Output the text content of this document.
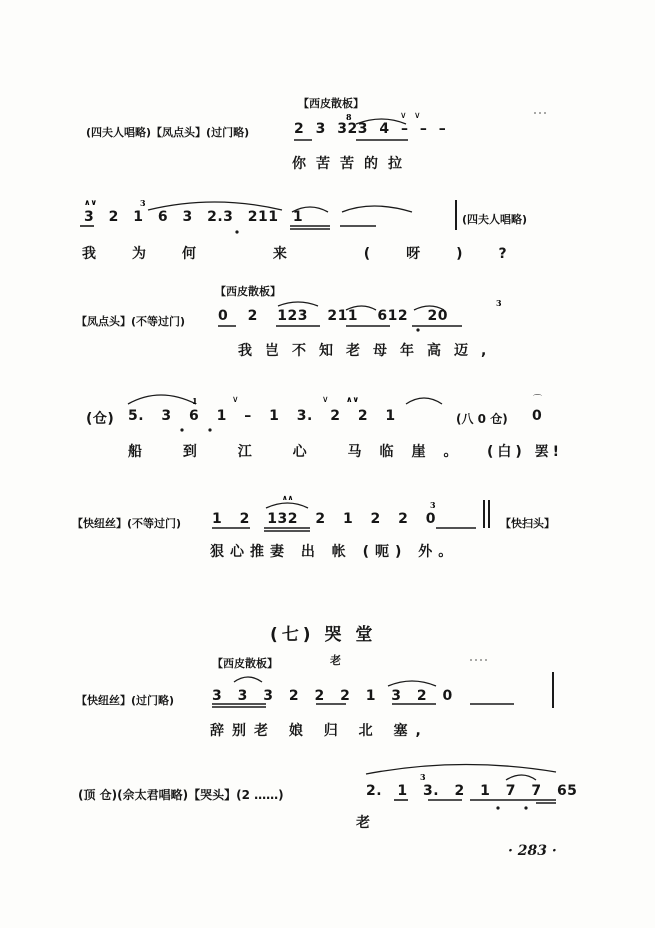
【西皮散板】
(四夫人唱略)【凤点头】(过门略)	2 3 323 4 – – –
你苦苦的拉
3 2 1 6 3 2.3 211 1	(四夫人唱略)
我为何 来 (呀)?
【西皮散板】
【凤点头】(不等过门) 0 2 123 211 612 20
我岂不知老母年高迈,
(仓) 5. 3 6 1 – 1 3. 2 2 1	(八 0 仓) 0
船 到 江 心 马临崖。 (白) 罢!
【快纽丝】(不等过门) 1 2 132 2 1 2 2 0	【快扫头】
狠心推妻 出 帐 (呃) 外。
(七) 哭 堂
【西皮散板】	老
【快纽丝】(过门略)	3 3 3 2 2 2 1 3 2 0
辞别老 娘 归 北 塞,
(顶 仓)(佘太君唱略)【哭头】(2 ……)	2. 1 3. 2 1 7 7 65
老
· 283 ·
8	∨ ∨
∧∨	3
3
1	∨	∨ ∧∨	⌒
∧∧
3
3
